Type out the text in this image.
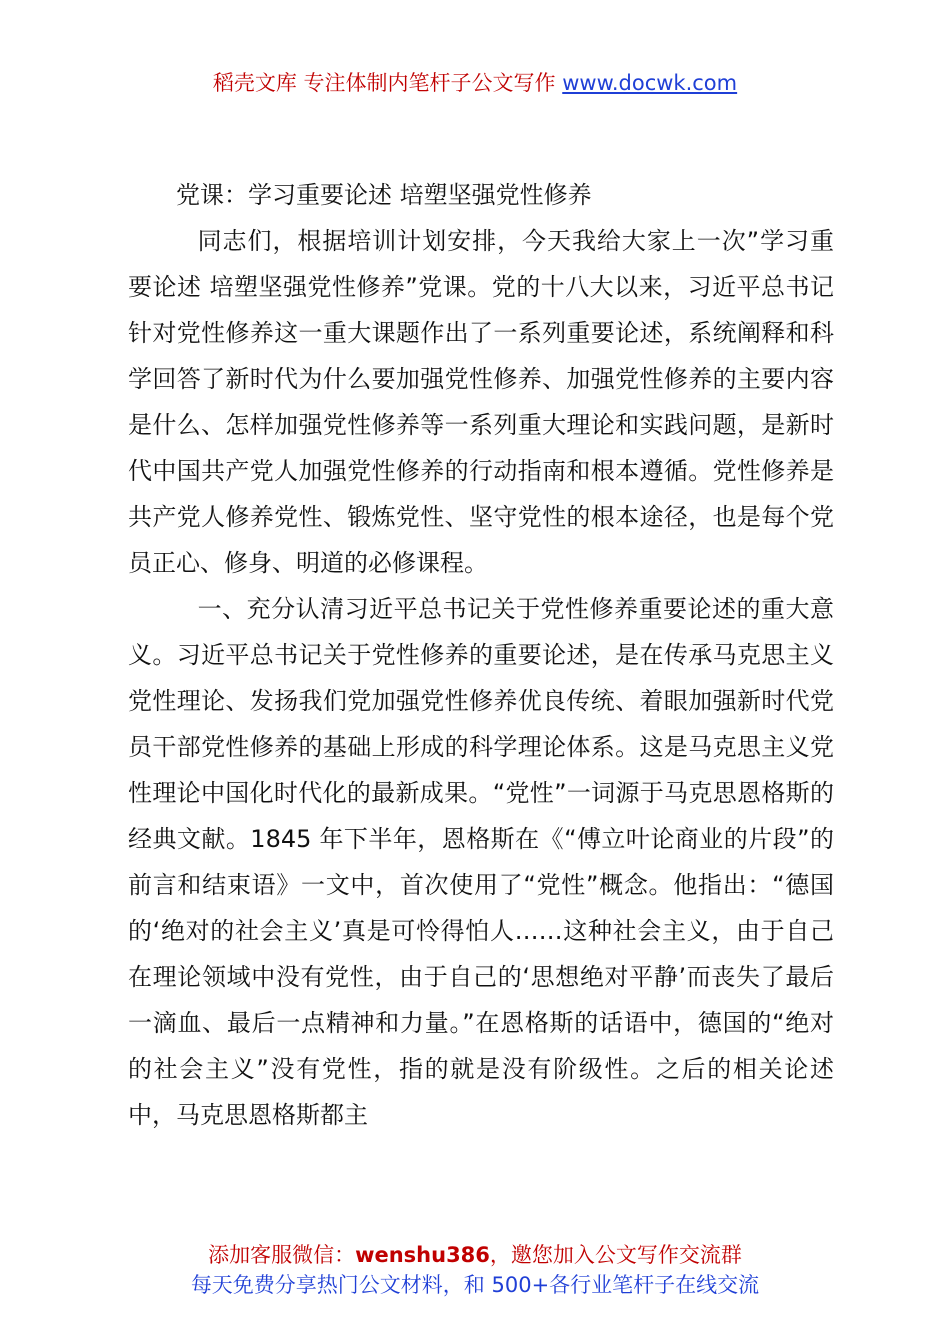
稻壳文库 专注体制内笔杆子公文写作 www.docwk.com
党课：学习重要论述 培塑坚强党性修养

同志们，根据培训计划安排，今天我给大家上一次”学习重要论述 培塑坚强党性修养”党课。党的十八大以来，习近平总书记针对党性修养这一重大课题作出了一系列重要论述，系统阐释和科学回答了新时代为什么要加强党性修养、加强党性修养的主要内容是什么、怎样加强党性修养等一系列重大理论和实践问题，是新时代中国共产党人加强党性修养的行动指南和根本遵循。党性修养是共产党人修养党性、锻炼党性、坚守党性的根本途径，也是每个党员正心、修身、明道的必修课程。

一、充分认清习近平总书记关于党性修养重要论述的重大意义。习近平总书记关于党性修养的重要论述，是在传承马克思主义党性理论、发扬我们党加强党性修养优良传统、着眼加强新时代党员干部党性修养的基础上形成的科学理论体系。这是马克思主义党性理论中国化时代化的最新成果。“党性”一词源于马克思恩格斯的经典文献。1845 年下半年，恩格斯在《“傅立叶论商业的片段”的前言和结束语》一文中，首次使用了“党性”概念。他指出：“德国的‘绝对的社会主义’真是可怜得怕人……这种社会主义，由于自己在理论领域中没有党性，由于自己的‘思想绝对平静’而丧失了最后一滴血、最后一点精神和力量。”在恩格斯的话语中，德国的“绝对的社会主义”没有党性，指的就是没有阶级性。之后的相关论述中，马克思恩格斯都主

添加客服微信：wenshu386，邀您加入公文写作交流群
每天免费分享热门公文材料，和 500+各行业笔杆子在线交流
